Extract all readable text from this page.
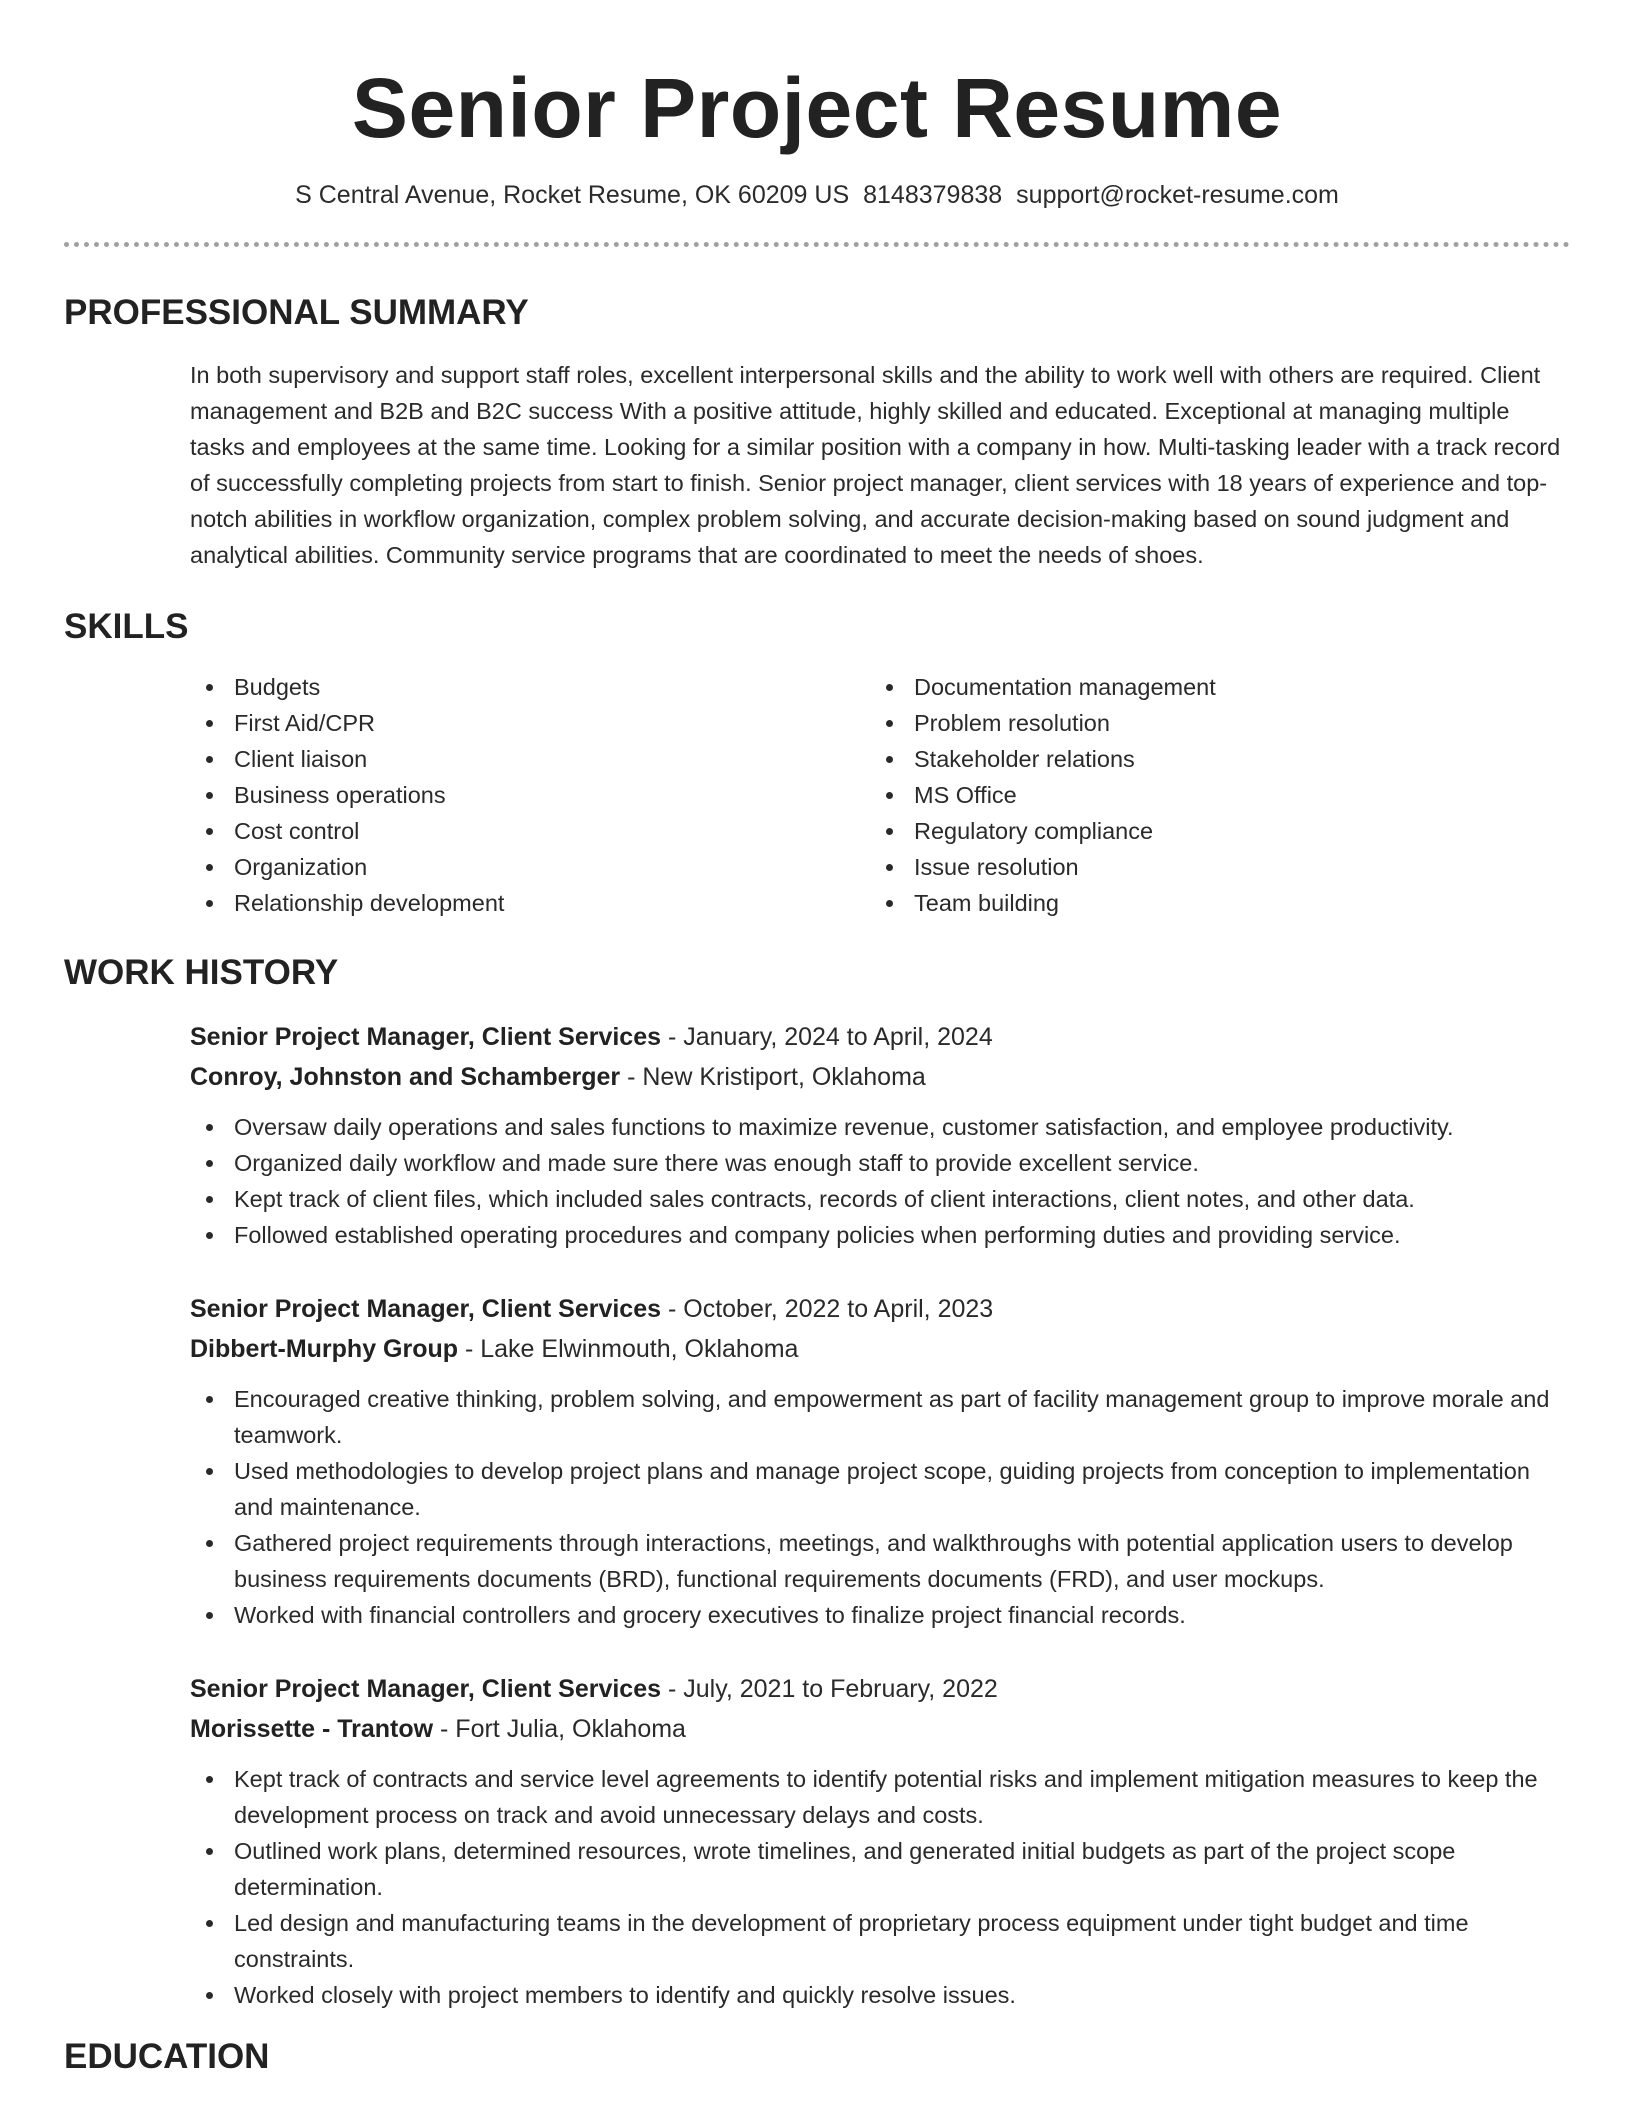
Senior Project Resume
S Central Avenue, Rocket Resume, OK 60209 US 8148379838 support@rocket-resume.com
PROFESSIONAL SUMMARY
In both supervisory and support staff roles, excellent interpersonal skills and the ability to work well with others are required. Client management and B2B and B2C success With a positive attitude, highly skilled and educated. Exceptional at managing multiple tasks and employees at the same time. Looking for a similar position with a company in how. Multi-tasking leader with a track record of successfully completing projects from start to finish. Senior project manager, client services with 18 years of experience and top-notch abilities in workflow organization, complex problem solving, and accurate decision-making based on sound judgment and analytical abilities. Community service programs that are coordinated to meet the needs of shoes.
SKILLS
Budgets
First Aid/CPR
Client liaison
Business operations
Cost control
Organization
Relationship development
Documentation management
Problem resolution
Stakeholder relations
MS Office
Regulatory compliance
Issue resolution
Team building
WORK HISTORY
Senior Project Manager, Client Services - January, 2024 to April, 2024
Conroy, Johnston and Schamberger - New Kristiport, Oklahoma
Oversaw daily operations and sales functions to maximize revenue, customer satisfaction, and employee productivity.
Organized daily workflow and made sure there was enough staff to provide excellent service.
Kept track of client files, which included sales contracts, records of client interactions, client notes, and other data.
Followed established operating procedures and company policies when performing duties and providing service.
Senior Project Manager, Client Services - October, 2022 to April, 2023
Dibbert-Murphy Group - Lake Elwinmouth, Oklahoma
Encouraged creative thinking, problem solving, and empowerment as part of facility management group to improve morale and teamwork.
Used methodologies to develop project plans and manage project scope, guiding projects from conception to implementation and maintenance.
Gathered project requirements through interactions, meetings, and walkthroughs with potential application users to develop business requirements documents (BRD), functional requirements documents (FRD), and user mockups.
Worked with financial controllers and grocery executives to finalize project financial records.
Senior Project Manager, Client Services - July, 2021 to February, 2022
Morissette - Trantow - Fort Julia, Oklahoma
Kept track of contracts and service level agreements to identify potential risks and implement mitigation measures to keep the development process on track and avoid unnecessary delays and costs.
Outlined work plans, determined resources, wrote timelines, and generated initial budgets as part of the project scope determination.
Led design and manufacturing teams in the development of proprietary process equipment under tight budget and time constraints.
Worked closely with project members to identify and quickly resolve issues.
EDUCATION
